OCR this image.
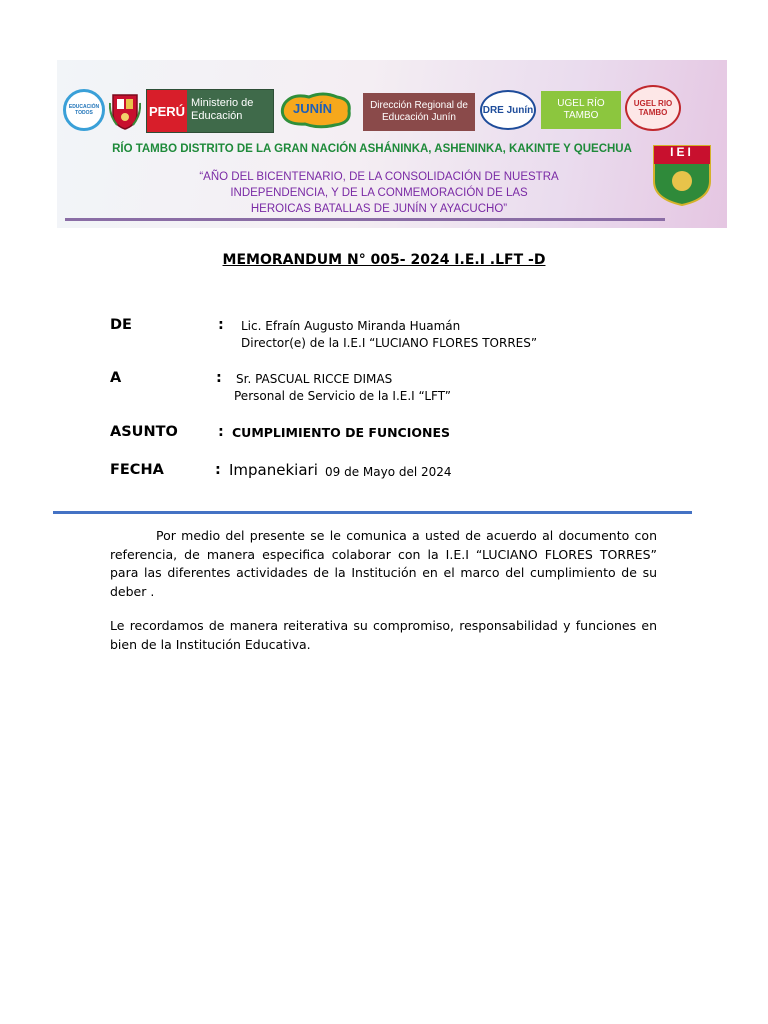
EDUCACIÓN TODOS	PERÚ
Ministerio de Educación	JUNÍN	Dirección Regional de Educación Junín
DRE Junín
UGEL RÍO TAMBO
UGEL RIO TAMBO
IEI
RÍO TAMBO DISTRITO DE LA GRAN NACIÓN ASHÁNINKA, ASHENINKA, KAKINTE Y QUECHUA
“AÑO DEL BICENTENARIO, DE LA CONSOLIDACIÓN DE NUESTRA
INDEPENDENCIA, Y DE LA CONMEMORACIÓN DE LAS
HEROICAS BATALLAS DE JUNÍN Y AYACUCHO”
MEMORANDUM N° 005- 2024 I.E.I .LFT -D
DE	: Lic. Efraín Augusto Miranda Huamán
Director(e) de la I.E.I “LUCIANO FLORES TORRES”
A	: Sr. PASCUAL RICCE DIMAS
Personal de Servicio de la I.E.I “LFT”
ASUNTO	: CUMPLIMIENTO DE FUNCIONES
FECHA	: Impanekiari 09 de Mayo del 2024
Por medio del presente se le comunica a usted de acuerdo al documento con referencia, de manera especifica colaborar con la I.E.I “LUCIANO FLORES TORRES” para las diferentes actividades de la Institución en el marco del cumplimiento de su deber .
Le recordamos de manera reiterativa su compromiso, responsabilidad y funciones en bien de la Institución Educativa.
